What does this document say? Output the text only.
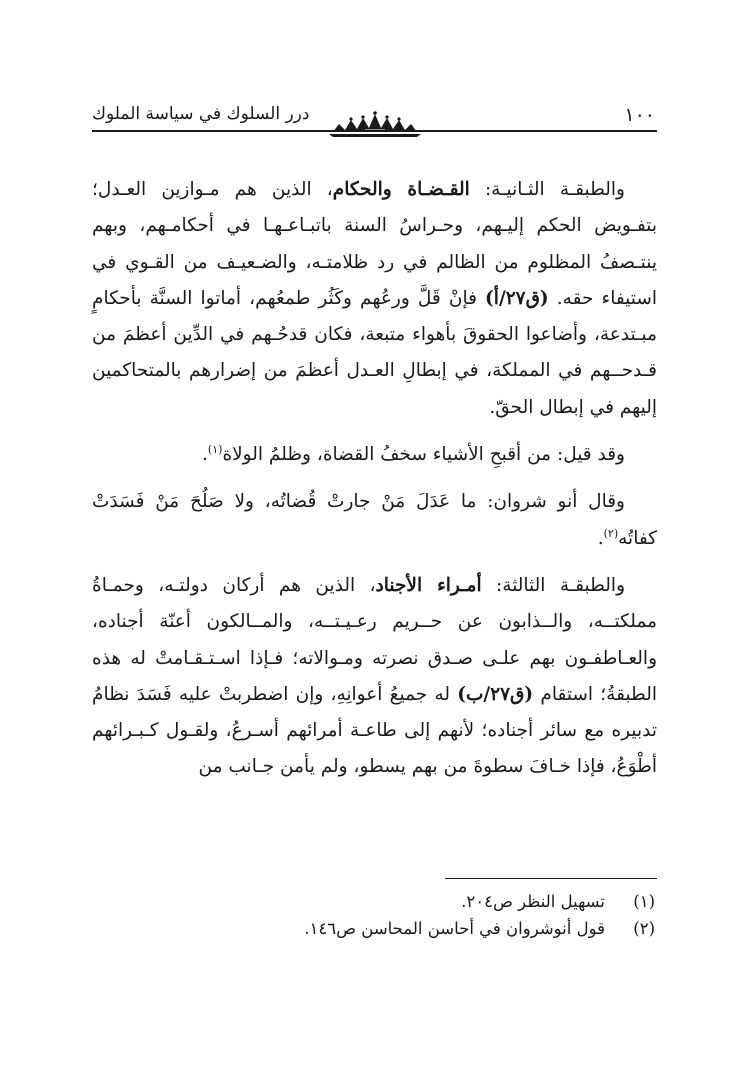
١٠٠
درر السلوك في سياسة الملوك

والطبقـة الثـانيـة: القـضـاة والحكام، الذين هم مـوازين العـدل؛ بتفـويض الحكم إليـهم، وحـراسُ السنة باتبـاعـهـا في أحكامـهم، وبهم ينتـصفُ المظلوم من الظالم في رد ظلامتـه، والضـعيـف من القـوي في استيفاء حقه. (ق٢٧/أ) فإنْ قَلَّ ورعُهم وكَثُر طمعُهم، أماتوا السنَّة بأحكامٍ مبـتدعة، وأضاعوا الحقوقَ بأهواء متبعة، فكان قدحُـهم في الدِّين أعظمَ من قـدحــهم في المملكة، في إبطالِ العـدل أعظمَ من إضرارهم بالمتحاكمين إليهم في إبطال الحقّ.

وقد قيل: من أقبحِ الأشياء سخفُ القضاة، وظلمُ الولاة$^{(١)}$.

وقال أنو شروان: ما عَدَلَ مَنْ جارتْ قُضاتُه، ولا صَلُحَ مَنْ فَسَدَتْ كفاتُه$^{(٢)}$.

والطبقـة الثالثة: أمـراء الأجناد، الذين هم أركان دولتـه، وحمـاةُ مملكتــه، والــذابون عن حــريم رعـيـتــه، والمــالكون أعنّة أجناده، والعـاطفـون بهم علـى صـدق نصرته ومـوالاته؛ فـإذا اسـتـقـامتْ له هذه الطبقةُ؛ استقام (ق٢٧/ب) له جميعُ أعوانِهِ، وإن اضطربتْ عليه فَسَدَ نظامُ تدبيره مع سائر أجناده؛ لأنهم إلى طاعـة أمرائهم أسـرعُ، ولقـول كـبـرائهم أطْوَعُ، فإذا خـافَ سطوةَ من بهم يسطو، ولم يأمن جـانب من

(١)تسهيل النظر ص٢٠٤.

(٢)قول أنوشروان في أحاسن المحاسن ص١٤٦.
